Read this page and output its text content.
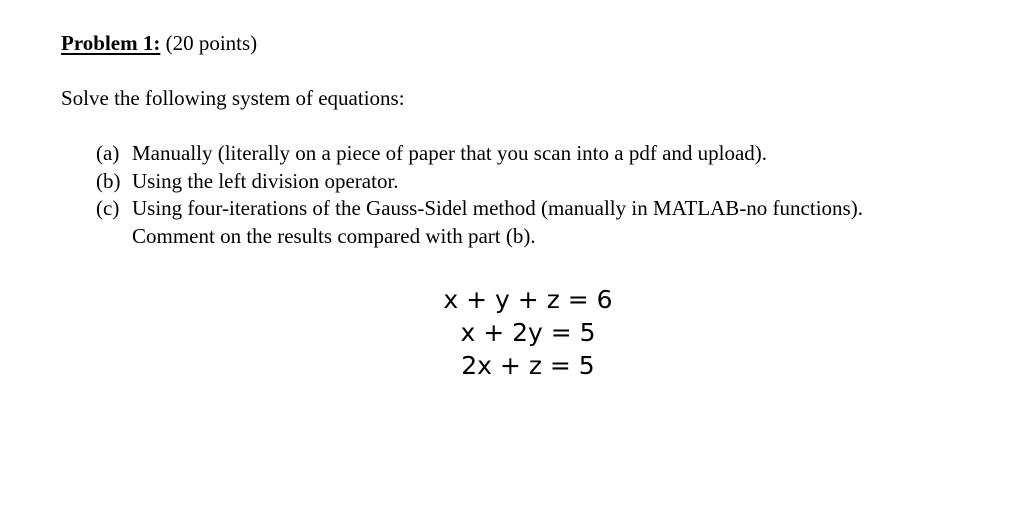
Problem 1: (20 points)
Solve the following system of equations:
(a) Manually (literally on a piece of paper that you scan into a pdf and upload).
(b) Using the left division operator.
(c) Using four-iterations of the Gauss-Sidel method (manually in MATLAB-no functions).
Comment on the results compared with part (b).
x + y + z = 6
x + 2y = 5
2x + z = 5
